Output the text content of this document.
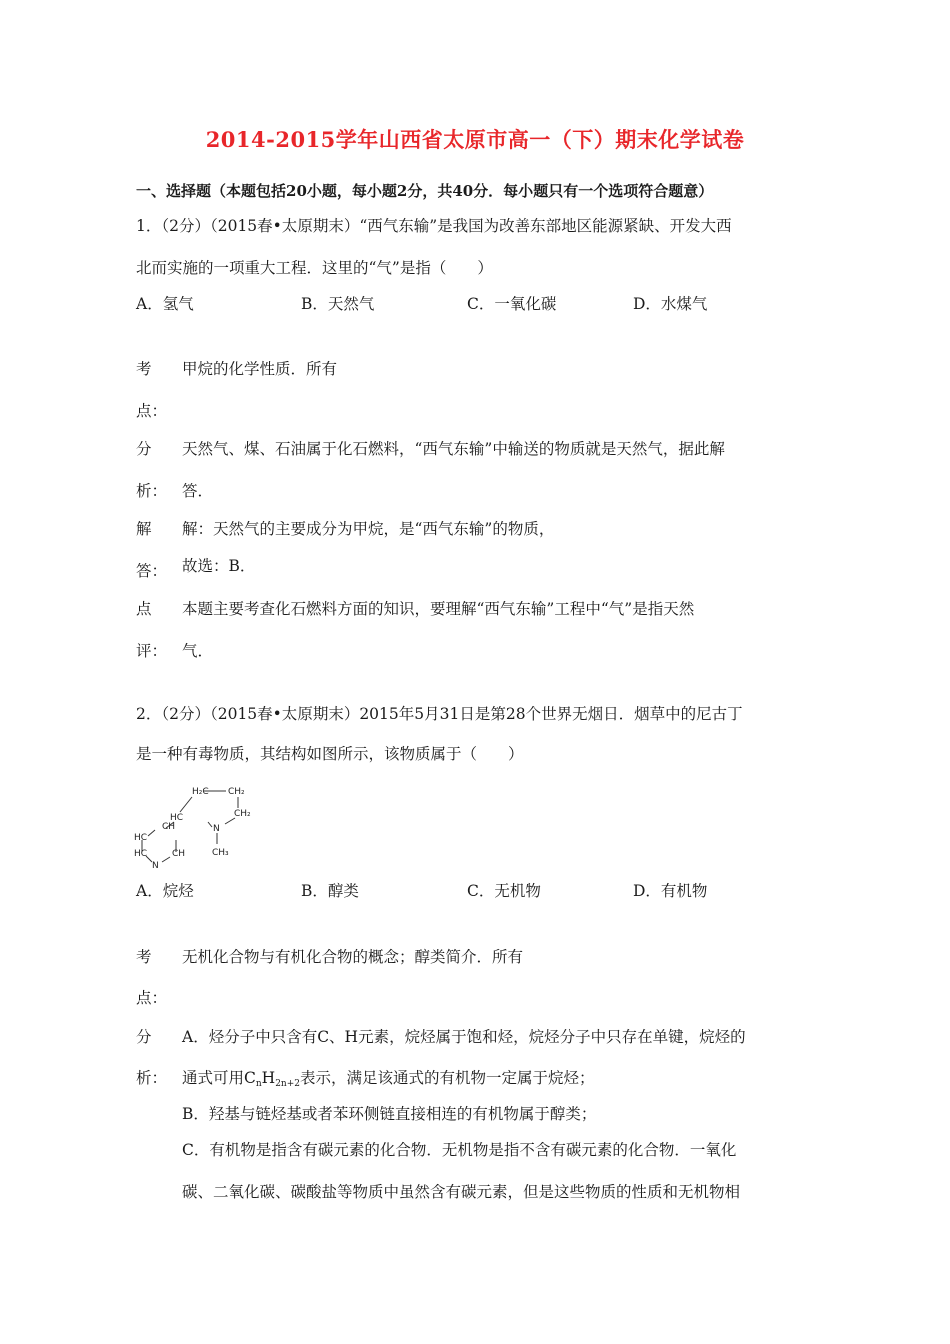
2014-2015学年山西省太原市高一（下）期末化学试卷
一、选择题（本题包括20小题，每小题2分，共40分．每小题只有一个选项符合题意）
1．（2分）（2015春•太原期末）“西气东输”是我国为改善东部地区能源紧缺、开发大西
北而实施的一项重大工程．这里的“气”是指（　　）
A．氢气	B．天然气	C．一氧化碳	D．水煤气
考
点：
甲烷的化学性质．所有
分
析：
天然气、煤、石油属于化石燃料，“西气东输”中输送的物质就是天然气，据此解
答．
解
答：
解：天然气的主要成分为甲烷，是“西气东输”的物质，
故选：B．
点
评：
本题主要考查化石燃料方面的知识，要理解“西气东输”工程中“气”是指天然
气．
2．（2分）（2015春•太原期末）2015年5月31日是第28个世界无烟日．烟草中的尼古丁
是一种有毒物质，其结构如图所示，该物质属于（　　）
H₂C CH₂
HC	CH₂
N
CH₃
CH
HC
HC
N
CH
A．烷烃	B．醇类	C．无机物	D．有机物
考
点：
无机化合物与有机化合物的概念；醇类简介．所有
分
析：
A．烃分子中只含有C、H元素，烷烃属于饱和烃，烷烃分子中只存在单键，烷烃的
通式可用$C_nH_{2n+2}$表示，满足该通式的有机物一定属于烷烃；
B．羟基与链烃基或者苯环侧链直接相连的有机物属于醇类；
C．有机物是指含有碳元素的化合物．无机物是指不含有碳元素的化合物．一氧化
碳、二氧化碳、碳酸盐等物质中虽然含有碳元素，但是这些物质的性质和无机物相
